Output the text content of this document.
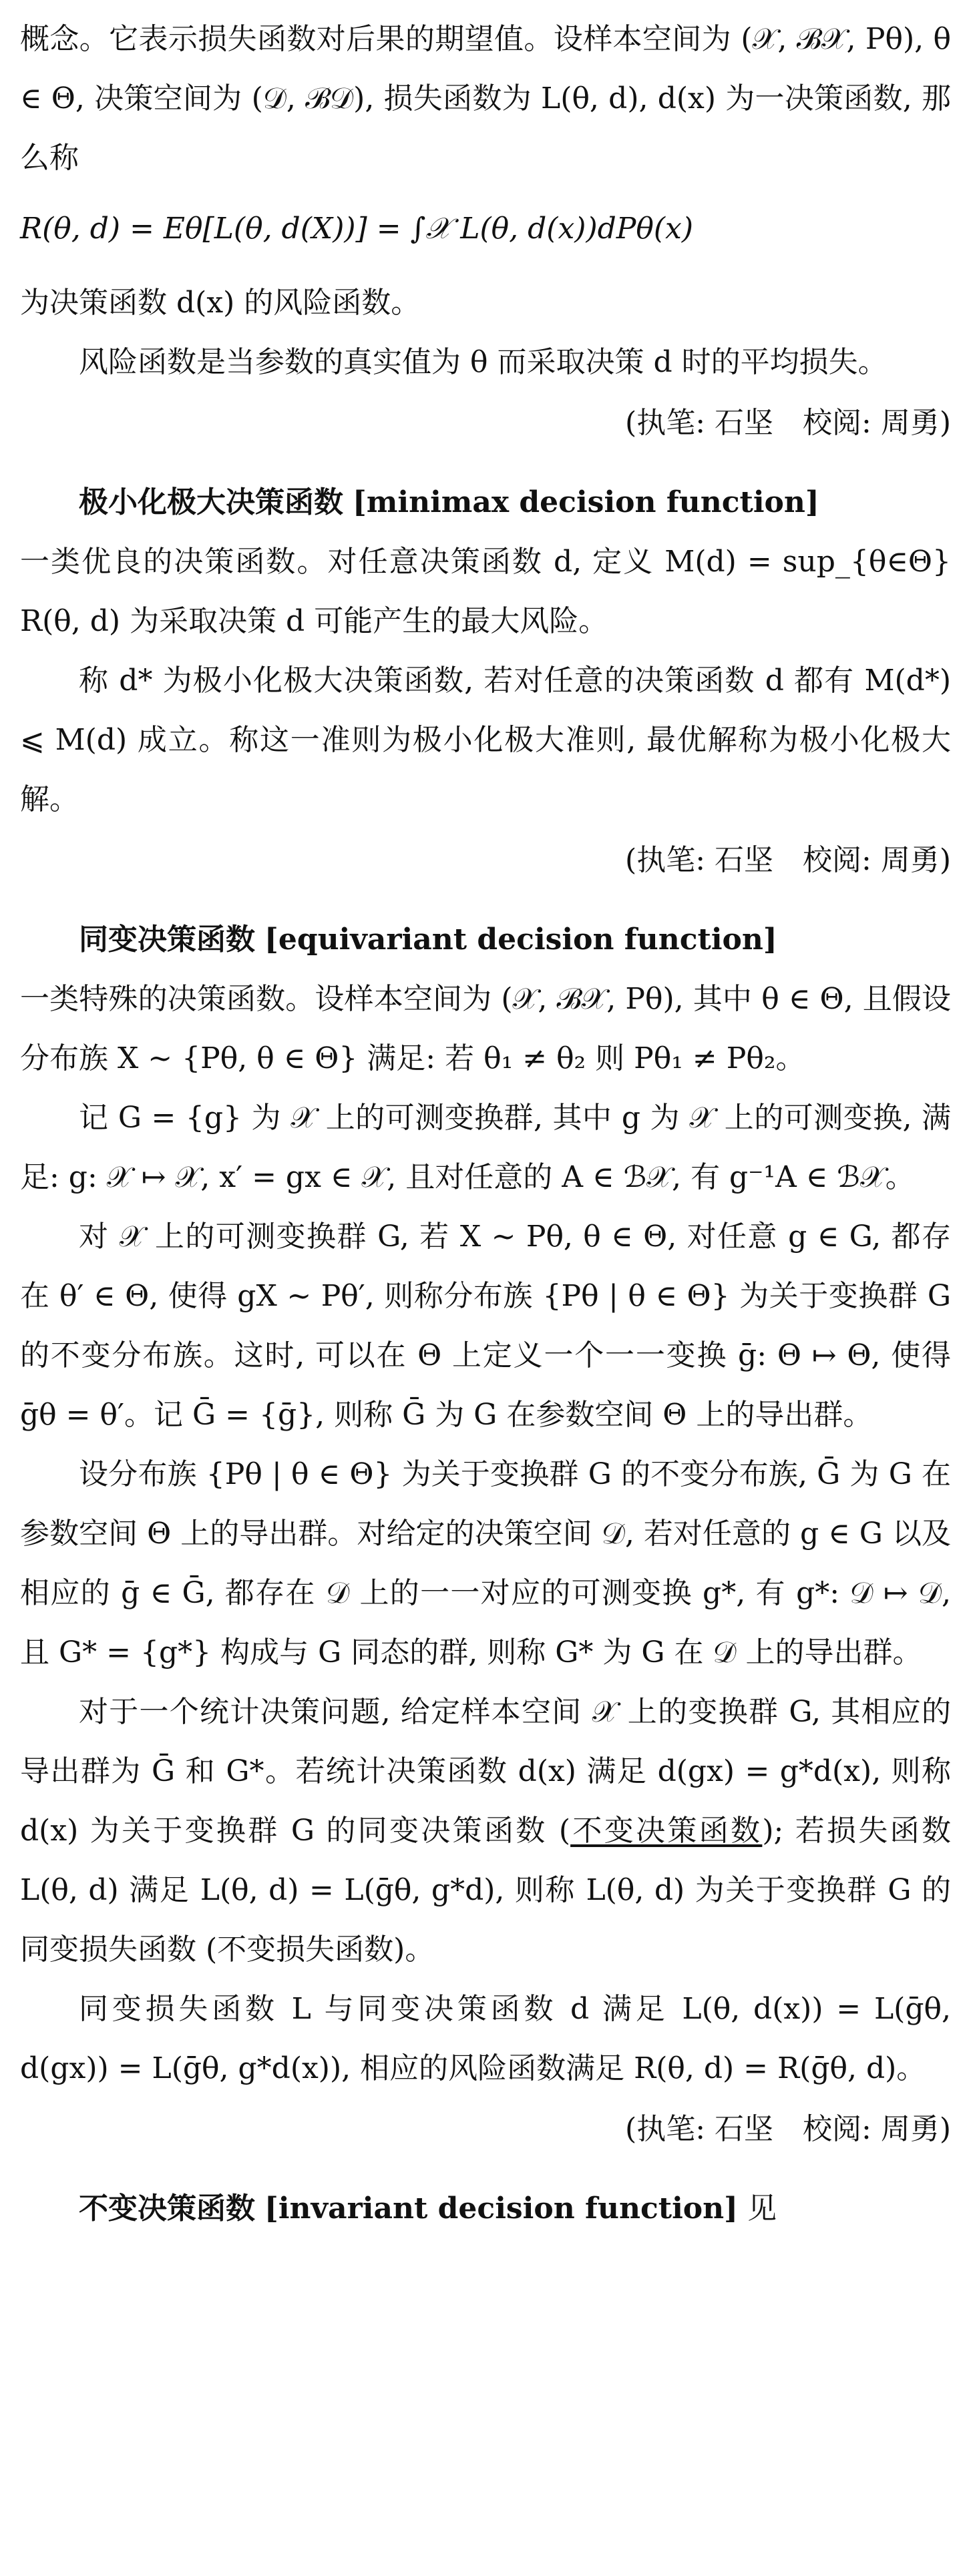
概念。它表示损失函数对后果的期望值。设样本空间为 (𝒳, ℬ𝒳, Pθ), θ ∈ Θ, 决策空间为 (𝒟, ℬ𝒟), 损失函数为 L(θ, d), d(x) 为一决策函数, 那么称

R(θ, d) = Eθ[L(θ, d(X))] = ∫𝒳 L(θ, d(x))dPθ(x)

为决策函数 d(x) 的风险函数。

风险函数是当参数的真实值为 θ 而采取决策 d 时的平均损失。

(执笔: 石坚　校阅: 周勇)

极小化极大决策函数 [minimax decision function]

一类优良的决策函数。对任意决策函数 d, 定义 M(d) = sup_{θ∈Θ} R(θ, d) 为采取决策 d 可能产生的最大风险。

称 d* 为极小化极大决策函数, 若对任意的决策函数 d 都有 M(d*) ⩽ M(d) 成立。称这一准则为极小化极大准则, 最优解称为极小化极大解。

(执笔: 石坚　校阅: 周勇)

同变决策函数 [equivariant decision function]

一类特殊的决策函数。设样本空间为 (𝒳, ℬ𝒳, Pθ), 其中 θ ∈ Θ, 且假设分布族 X ~ {Pθ, θ ∈ Θ} 满足: 若 θ₁ ≠ θ₂ 则 Pθ₁ ≠ Pθ₂。

记 G = {g} 为 𝒳 上的可测变换群, 其中 g 为 𝒳 上的可测变换, 满足: g: 𝒳 ↦ 𝒳, x′ = gx ∈ 𝒳, 且对任意的 A ∈ ℬ𝒳, 有 g⁻¹A ∈ ℬ𝒳。

对 𝒳 上的可测变换群 G, 若 X ~ Pθ, θ ∈ Θ, 对任意 g ∈ G, 都存在 θ′ ∈ Θ, 使得 gX ~ Pθ′, 则称分布族 {Pθ | θ ∈ Θ} 为关于变换群 G 的不变分布族。这时, 可以在 Θ 上定义一个一一变换 ḡ: Θ ↦ Θ, 使得 ḡθ = θ′。记 Ḡ = {ḡ}, 则称 Ḡ 为 G 在参数空间 Θ 上的导出群。

设分布族 {Pθ | θ ∈ Θ} 为关于变换群 G 的不变分布族, Ḡ 为 G 在参数空间 Θ 上的导出群。对给定的决策空间 𝒟, 若对任意的 g ∈ G 以及相应的 ḡ ∈ Ḡ, 都存在 𝒟 上的一一对应的可测变换 g*, 有 g*: 𝒟 ↦ 𝒟, 且 G* = {g*} 构成与 G 同态的群, 则称 G* 为 G 在 𝒟 上的导出群。

对于一个统计决策问题, 给定样本空间 𝒳 上的变换群 G, 其相应的导出群为 Ḡ 和 G*。若统计决策函数 d(x) 满足 d(gx) = g*d(x), 则称 d(x) 为关于变换群 G 的同变决策函数 (不变决策函数); 若损失函数 L(θ, d) 满足 L(θ, d) = L(ḡθ, g*d), 则称 L(θ, d) 为关于变换群 G 的同变损失函数 (不变损失函数)。

同变损失函数 L 与同变决策函数 d 满足 L(θ, d(x)) = L(ḡθ, d(gx)) = L(ḡθ, g*d(x)), 相应的风险函数满足 R(θ, d) = R(ḡθ, d)。

(执笔: 石坚　校阅: 周勇)

不变决策函数 [invariant decision function] 见
